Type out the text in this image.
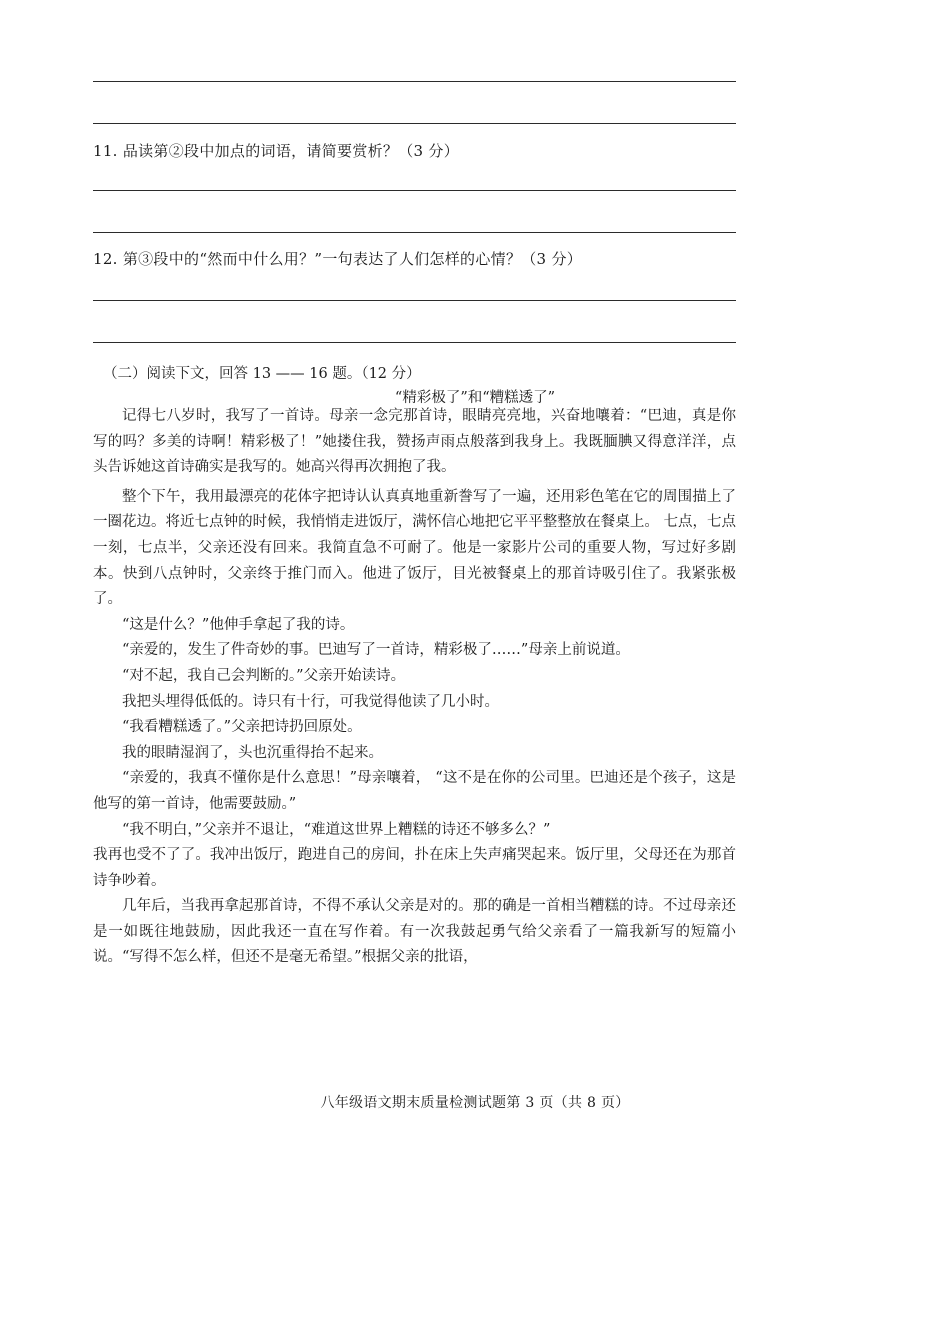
11. 品读第②段中加点的词语，请简要赏析？（3 分）
12. 第③段中的“然而中什么用？”一句表达了人们怎样的心情？（3 分）
（二）阅读下文，回答 13 —— 16 题。（12 分）
“精彩极了”和“糟糕透了”

记得七八岁时，我写了一首诗。母亲一念完那首诗，眼睛亮亮地，兴奋地嚷着：“巴迪，真是你写的吗？多美的诗啊！精彩极了！”她搂住我，赞扬声雨点般落到我身上。我既腼腆又得意洋洋，点头告诉她这首诗确实是我写的。她高兴得再次拥抱了我。

整个下午，我用最漂亮的花体字把诗认认真真地重新誊写了一遍，还用彩色笔在它的周围描上了一圈花边。将近七点钟的时候，我悄悄走进饭厅，满怀信心地把它平平整整放在餐桌上。 七点，七点一刻，七点半，父亲还没有回来。我简直急不可耐了。他是一家影片公司的重要人物，写过好多剧本。快到八点钟时，父亲终于推门而入。他进了饭厅，目光被餐桌上的那首诗吸引住了。我紧张极了。

“这是什么？”他伸手拿起了我的诗。

“亲爱的，发生了件奇妙的事。巴迪写了一首诗，精彩极了……”母亲上前说道。

“对不起，我自己会判断的。”父亲开始读诗。

我把头埋得低低的。诗只有十行，可我觉得他读了几小时。

“我看糟糕透了。”父亲把诗扔回原处。

我的眼睛湿润了，头也沉重得抬不起来。

“亲爱的，我真不懂你是什么意思！”母亲嚷着， “这不是在你的公司里。巴迪还是个孩子，这是他写的第一首诗，他需要鼓励。”

“我不明白，”父亲并不退让，“难道这世界上糟糕的诗还不够多么？”

我再也受不了了。我冲出饭厅，跑进自己的房间，扑在床上失声痛哭起来。饭厅里，父母还在为那首诗争吵着。

几年后，当我再拿起那首诗，不得不承认父亲是对的。那的确是一首相当糟糕的诗。不过母亲还是一如既往地鼓励，因此我还一直在写作着。有一次我鼓起勇气给父亲看了一篇我新写的短篇小说。“写得不怎么样，但还不是毫无希望。”根据父亲的批语，

八年级语文期末质量检测试题第 3 页（共 8 页）
